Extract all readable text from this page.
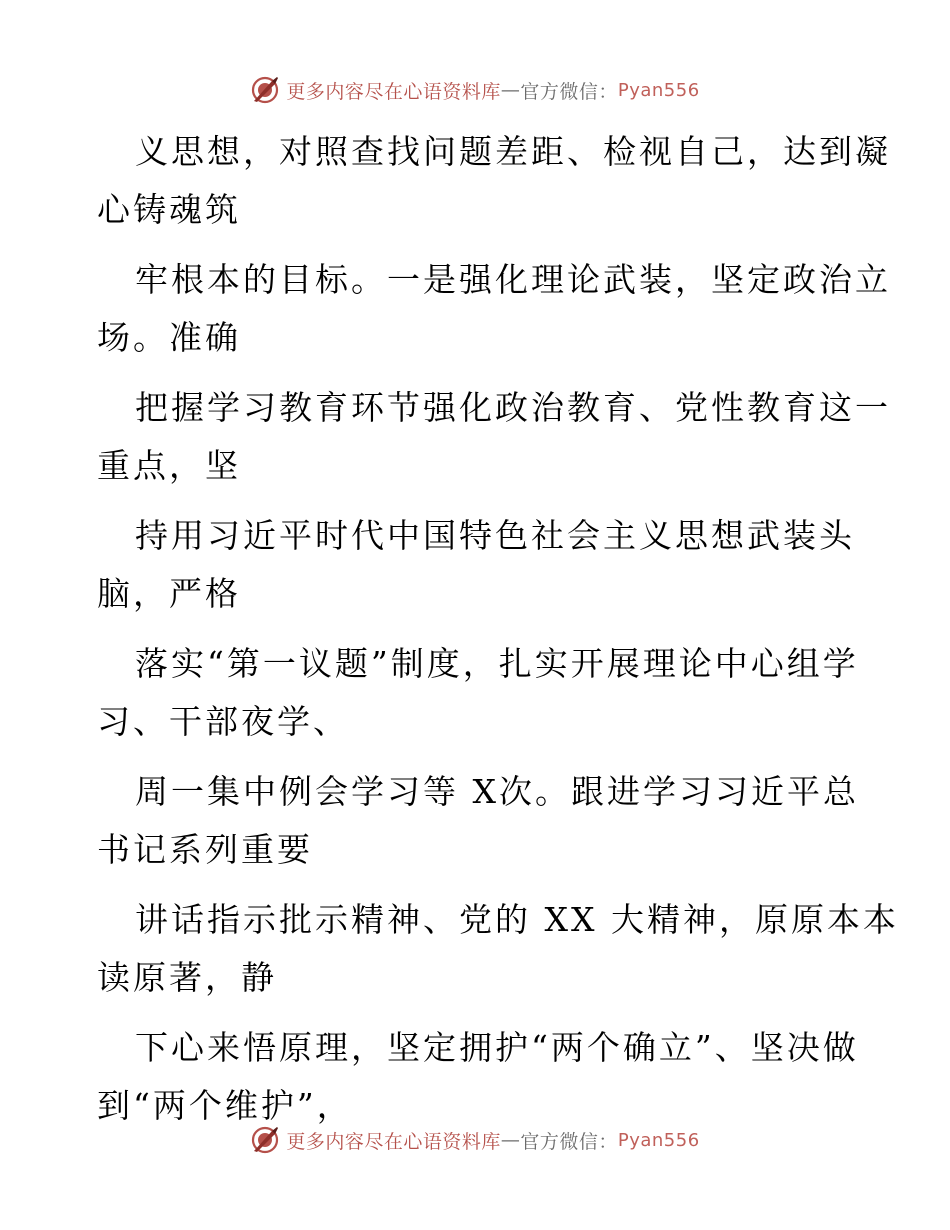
更多内容尽在心语资料库 — 官方微信： Pyan556

义思想，对照查找问题差距、检视自己，达到凝
心铸魂筑

牢根本的目标。一是强化理论武装，坚定政治立
场。准确

把握学习教育环节强化政治教育、党性教育这一
重点，坚

持用习近平时代中国特色社会主义思想武装头
脑，严格

落实“第一议题”制度，扎实开展理论中心组学
习、干部夜学、

周一集中例会学习等 X次。跟进学习习近平总
书记系列重要

讲话指示批示精神、党的 XX 大精神，原原本本
读原著，静

下心来悟原理，坚定拥护“两个确立”、坚决做
到“两个维护”，

更多内容尽在心语资料库 — 官方微信： Pyan556
